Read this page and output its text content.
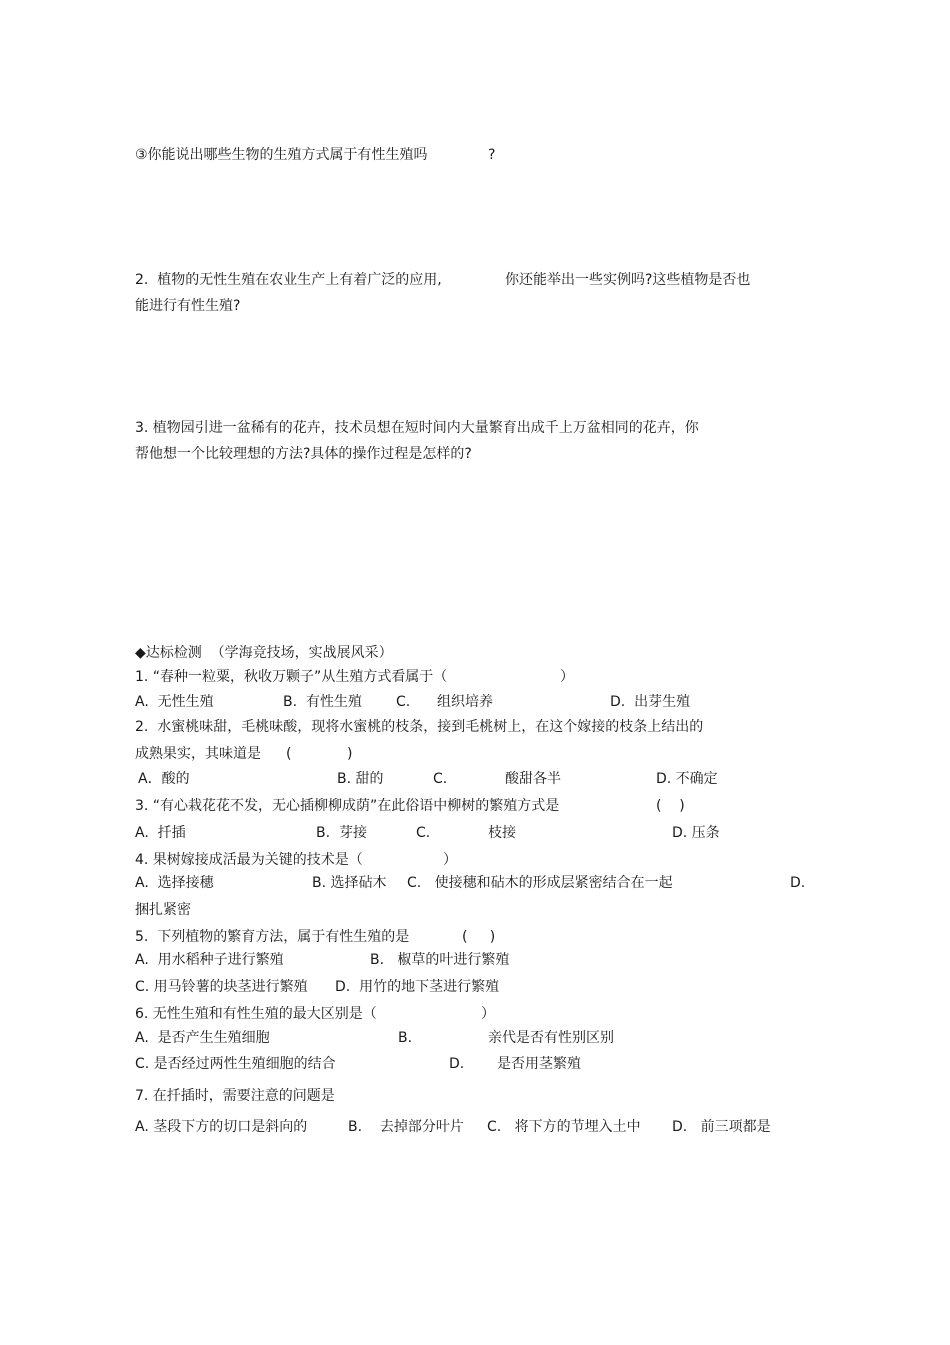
③你能说出哪些生物的生殖方式属于有性生殖吗	?
2.  植物的无性生殖在农业生产上有着广泛的应用,	你还能举出一些实例吗?这些植物是否也
能进行有性生殖?
3. 植物园引进一盆稀有的花卉，技术员想在短时间内大量繁育出成千上万盆相同的花卉，你
帮他想一个比较理想的方法?具体的操作过程是怎样的?
◆达标检测  （学海竞技场，实战展风采）
1. “春种一粒粟，秋收万颗子”从生殖方式看属于（	）
A.  无性生殖	B.  有性生殖 C. 组织培养	D.  出芽生殖
2.  水蜜桃味甜，毛桃味酸，现将水蜜桃的枝条，接到毛桃树上，在这个嫁接的枝条上结出的
成熟果实，其味道是 (	)
A．酸的	B. 甜的	C.	酸甜各半	D. 不确定
3. “有心栽花花不发，无心插柳柳成荫”在此俗语中柳树的繁殖方式是	(    )
A.  扦插	B.  芽接	C.	枝接	D. 压条
4. 果树嫁接成活最为关键的技术是（	）
A.  选择接穗	B. 选择砧木 C.   使接穗和砧木的形成层紧密结合在一起	D.
捆扎紧密
5.  下列植物的繁育方法，属于有性生殖的是	(     )
A.  用水稻种子进行繁殖	B.   椒草的叶进行繁殖
C. 用马铃薯的块茎进行繁殖 D.  用竹的地下茎进行繁殖
6. 无性生殖和有性生殖的最大区别是（	）
A.  是否产生生殖细胞	B.	亲代是否有性别区别
C. 是否经过两性生殖细胞的结合	D. 是否用茎繁殖
7. 在扦插时，需要注意的问题是
A. 茎段下方的切口是斜向的	B.    去掉部分叶片 C.   将下方的节埋入土中 D.   前三项都是
